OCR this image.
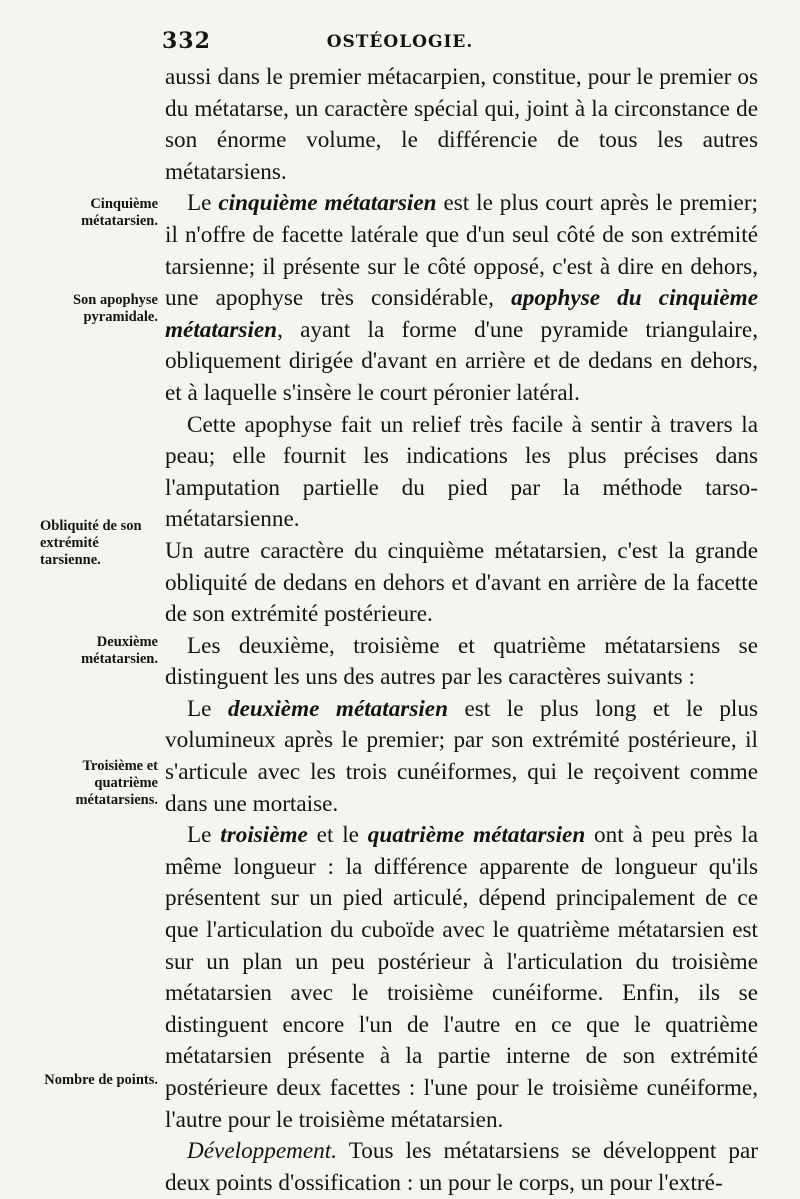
332	OSTÉOLOGIE.
Cinquième métatarsien.
Son apophyse pyramidale.
Obliquité de son extrémité tarsienne.
Deuxième métatarsien.
Troisième et quatrième métatarsiens.
Nombre de points.

aussi dans le premier métacarpien, constitue, pour le premier os du métatarse, un caractère spécial qui, joint à la circonstance de son énorme volume, le différencie de tous les autres métatarsiens.

Le cinquième métatarsien est le plus court après le premier; il n'offre de facette latérale que d'un seul côté de son extrémité tarsienne; il présente sur le côté opposé, c'est à dire en dehors, une apophyse très considérable, apophyse du cinquième métatarsien, ayant la forme d'une pyramide triangulaire, obliquement dirigée d'avant en arrière et de dedans en dehors, et à laquelle s'insère le court péronier latéral.

Cette apophyse fait un relief très facile à sentir à travers la peau; elle fournit les indications les plus précises dans l'amputation partielle du pied par la méthode tarso-métatarsienne.

Un autre caractère du cinquième métatarsien, c'est la grande obliquité de dedans en dehors et d'avant en arrière de la facette de son extrémité postérieure.

Les deuxième, troisième et quatrième métatarsiens se distinguent les uns des autres par les caractères suivants :

Le deuxième métatarsien est le plus long et le plus volumineux après le premier; par son extrémité postérieure, il s'articule avec les trois cunéiformes, qui le reçoivent comme dans une mortaise.

Le troisième et le quatrième métatarsien ont à peu près la même longueur : la différence apparente de longueur qu'ils présentent sur un pied articulé, dépend principalement de ce que l'articulation du cuboïde avec le quatrième métatarsien est sur un plan un peu postérieur à l'articulation du troisième métatarsien avec le troisième cunéiforme. Enfin, ils se distinguent encore l'un de l'autre en ce que le quatrième métatarsien présente à la partie interne de son extrémité postérieure deux facettes : l'une pour le troisième cunéiforme, l'autre pour le troisième métatarsien.

Développement. Tous les métatarsiens se développent par deux points d'ossification : un pour le corps, un pour l'extré-
